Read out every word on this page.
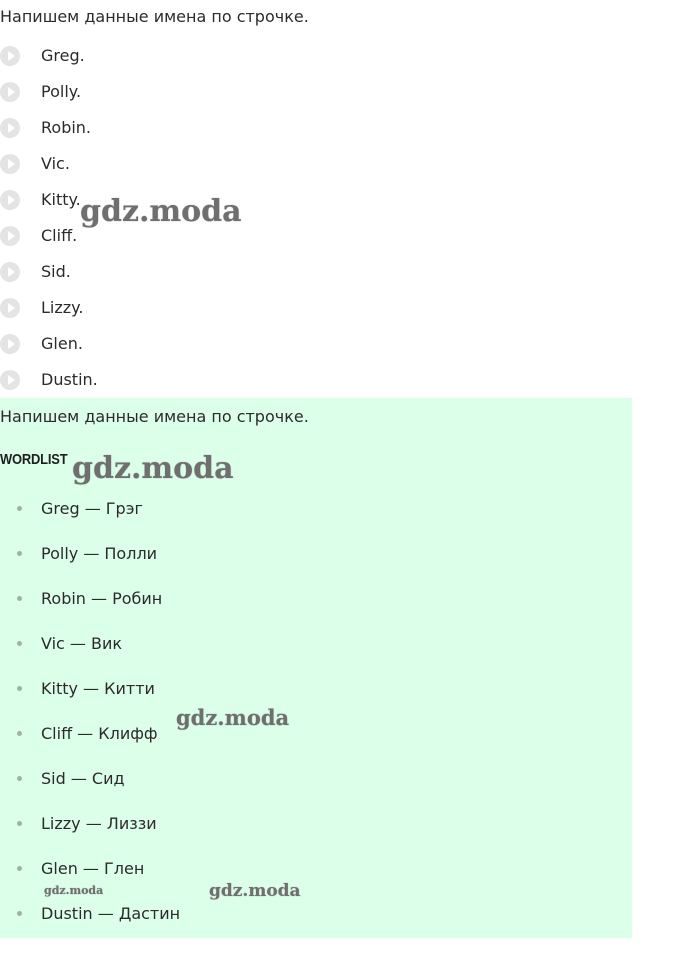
Напишем данные имена по строчке.
Greg.
Polly.
Robin.
Vic.
Kitty.
Cliff.
Sid.
Lizzy.
Glen.
Dustin.
Напишем данные имена по строчке.
WORDLIST
Greg — Грэг
Polly — Полли
Robin — Робин
Vic — Вик
Kitty — Китти
Cliff — Клифф
Sid — Сид
Lizzy — Лиззи
Glen — Глен
Dustin — Дастин
gdz.moda
gdz.moda
gdz.moda
gdz.moda
gdz.moda
